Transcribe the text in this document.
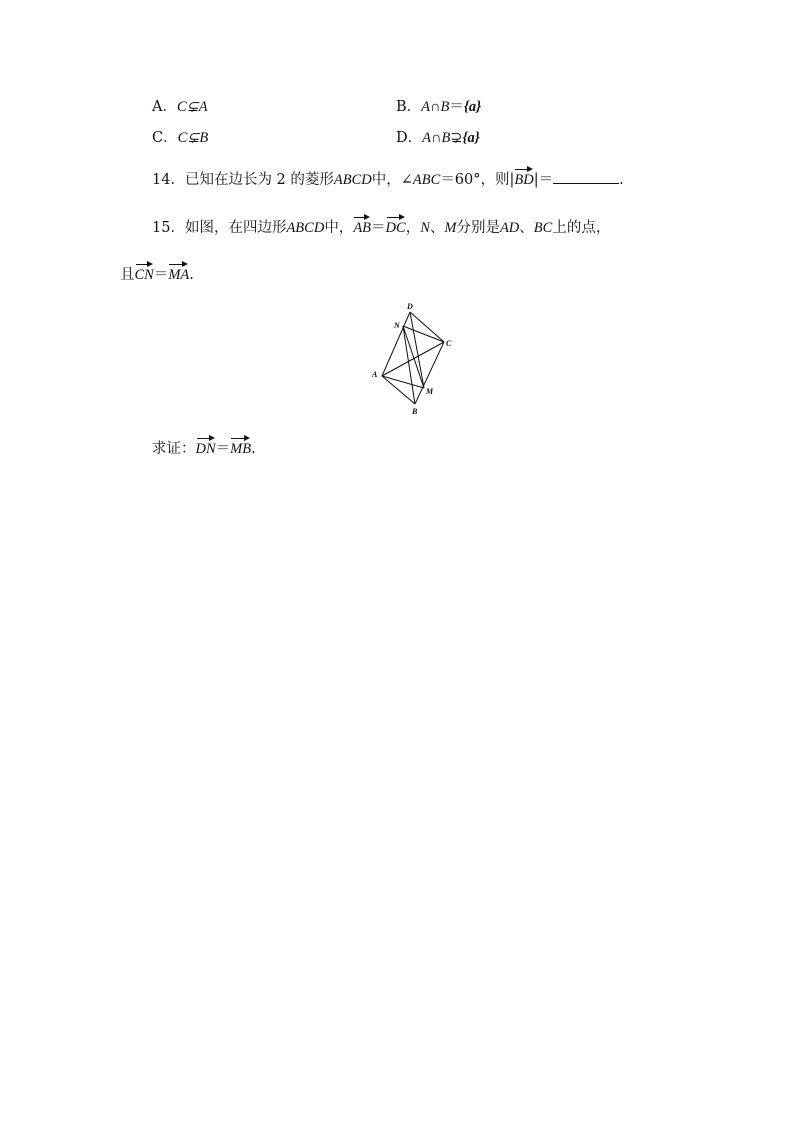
A．C⊊A	B．A∩B＝{a}
C．C⊊B	D．A∩B⊋{a}
14．已知在边长为 2 的菱形ABCD中，∠ABC＝60°，则|BD|＝	.
15．如图，在四边形ABCD中，AB＝DC，N、M分别是AD、BC上的点，
且CN＝MA.
D
N
C
A
M
B
求证：DN＝MB.
